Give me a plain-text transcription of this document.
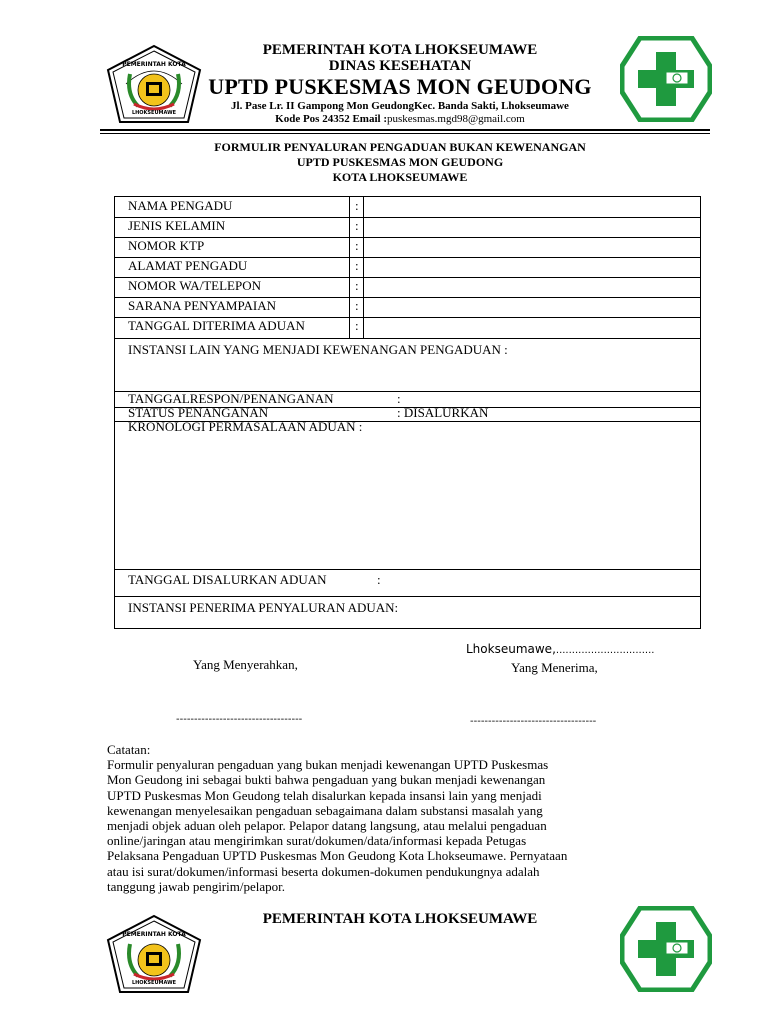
PEMERINTAH KOTA
LHOKSEUMAWE
PEMERINTAH KOTA LHOKSEUMAWE
DINAS KESEHATAN
UPTD PUSKESMAS MON GEUDONG
Jl. Pase Lr. II Gampong Mon GeudongKec. Banda Sakti, Lhokseumawe
Kode Pos 24352 Email :puskesmas.mgd98@gmail.com
FORMULIR PENYALURAN PENGADUAN BUKAN KEWENANGAN
UPTD PUSKESMAS MON GEUDONG
KOTA LHOKSEUMAWE
NAMA PENGADU	:
JENIS KELAMIN	:
NOMOR KTP	:
ALAMAT PENGADU	:
NOMOR WA/TELEPON	:
SARANA PENYAMPAIAN	:
TANGGAL DITERIMA ADUAN	:
INSTANSI LAIN YANG MENJADI KEWENANGAN PENGADUAN :
TANGGALRESPON/PENANGANAN	:
STATUS PENANGANAN	: DISALURKAN
KRONOLOGI PERMASALAAN ADUAN :
TANGGAL DISALURKAN ADUAN	:
INSTANSI PENERIMA PENYALURAN ADUAN:
Lhokseumawe,...............................
Yang Menyerahkan,	Yang Menerima,
-----------------------------------	-----------------------------------
Catatan:
Formulir penyaluran pengaduan yang bukan menjadi kewenangan UPTD Puskesmas
Mon Geudong ini sebagai bukti bahwa pengaduan yang bukan menjadi kewenangan
UPTD Puskesmas Mon Geudong telah disalurkan kepada insansi lain yang menjadi
kewenangan menyelesaikan pengaduan sebagaimana dalam substansi masalah yang
menjadi objek aduan oleh pelapor. Pelapor datang langsung, atau melalui pengaduan
online/jaringan atau mengirimkan surat/dokumen/data/informasi kepada Petugas
Pelaksana Pengaduan UPTD Puskesmas Mon Geudong Kota Lhokseumawe. Pernyataan
atau isi surat/dokumen/informasi beserta dokumen-dokumen pendukungnya adalah
tanggung jawab pengirim/pelapor.
PEMERINTAH KOTA
LHOKSEUMAWE
PEMERINTAH KOTA LHOKSEUMAWE
